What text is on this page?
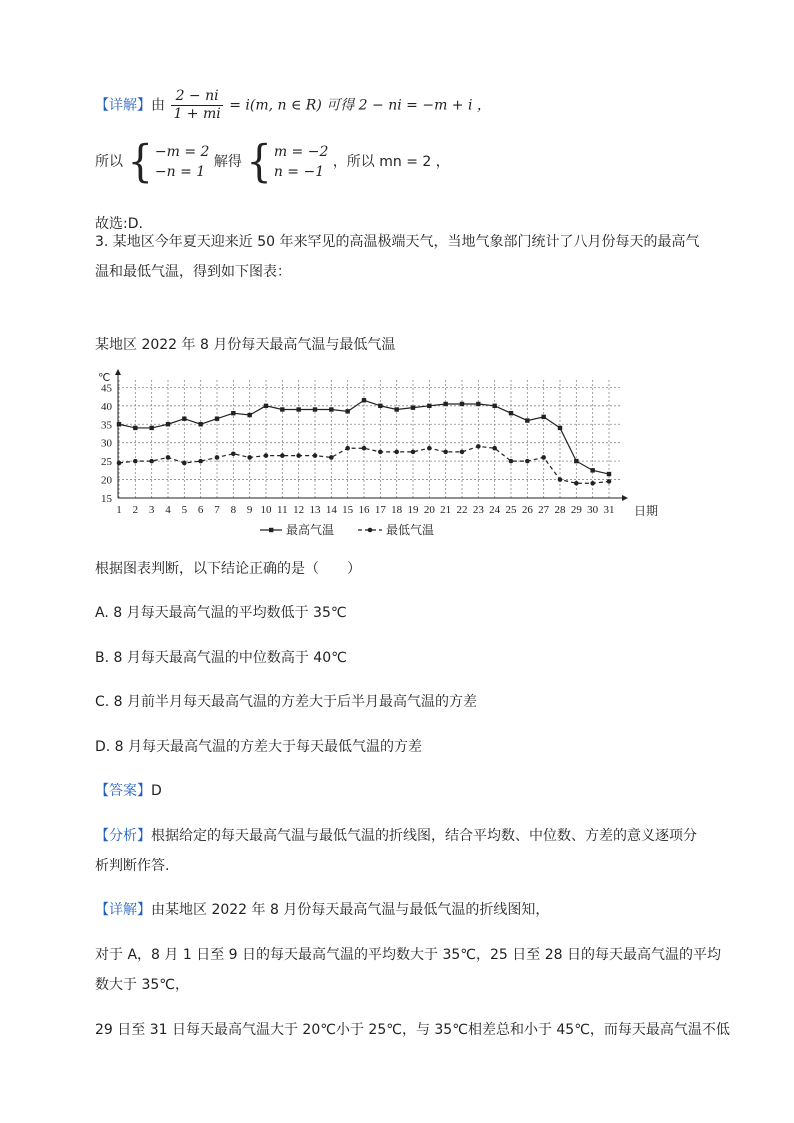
【详解】由 $\frac{2 - ni}{1 + mi} = i(m$, n ∈ R) 可得 2 − ni = −m + i ，
所以 { −m = 2
−n = 1
解得 { m = −2
n = −1
，所以 mn = 2 ，
故选:D.
3. 某地区今年夏天迎来近 50 年来罕见的高温极端天气，当地气象部门统计了八月份每天的最高气
温和最低气温，得到如下图表：
某地区 2022 年 8 月份每天最高气温与最低气温
15
20
25
30
35
40
45
1 2 3 4 5 6 7 8 9 10 11 12 13 14 15 16 17 18 19 20 21 22 23 24 25 26 27 28 29 30 31
℃
日期
最高气温	最低气温
根据图表判断，以下结论正确的是（　　）
A. 8 月每天最高气温的平均数低于 35℃
B. 8 月每天最高气温的中位数高于 40℃
C. 8 月前半月每天最高气温的方差大于后半月最高气温的方差
D. 8 月每天最高气温的方差大于每天最低气温的方差
【答案】D
【分析】根据给定的每天最高气温与最低气温的折线图，结合平均数、中位数、方差的意义逐项分
析判断作答.
【详解】由某地区 2022 年 8 月份每天最高气温与最低气温的折线图知，
对于 A，8 月 1 日至 9 日的每天最高气温的平均数大于 35℃，25 日至 28 日的每天最高气温的平均
数大于 35℃，
29 日至 31 日每天最高气温大于 20℃小于 25℃，与 35℃相差总和小于 45℃，而每天最高气温不低
